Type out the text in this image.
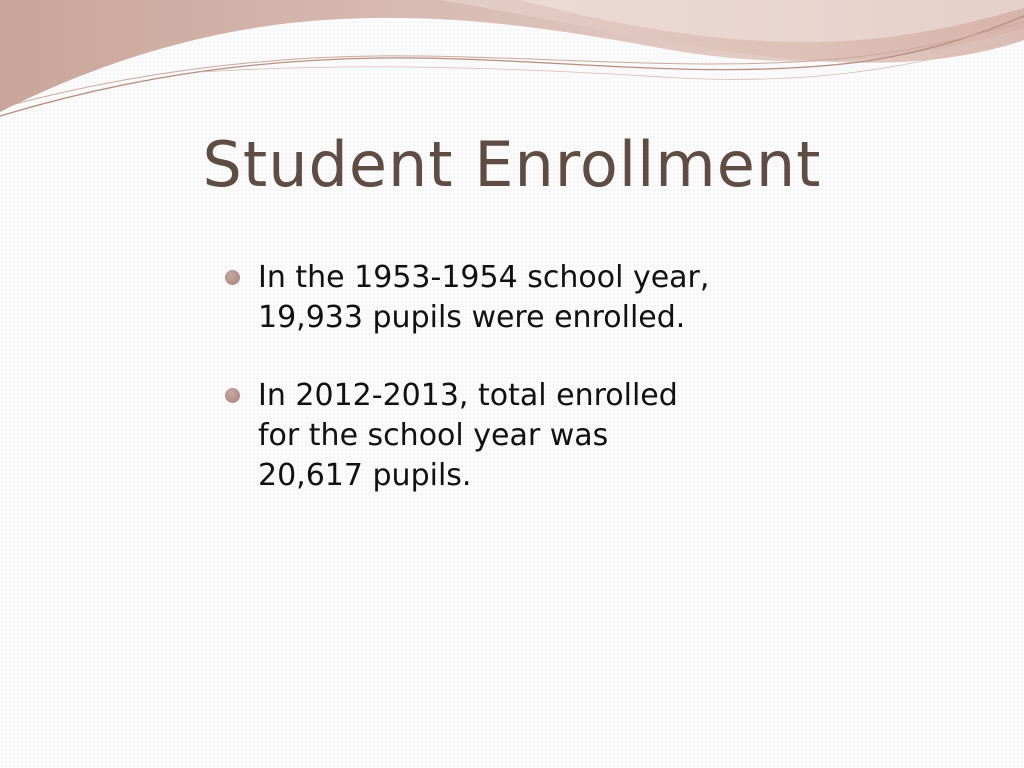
Student Enrollment
In the 1953-1954 school year,
19,933 pupils were enrolled.
In 2012-2013, total enrolled
for the school year was
20,617 pupils.
